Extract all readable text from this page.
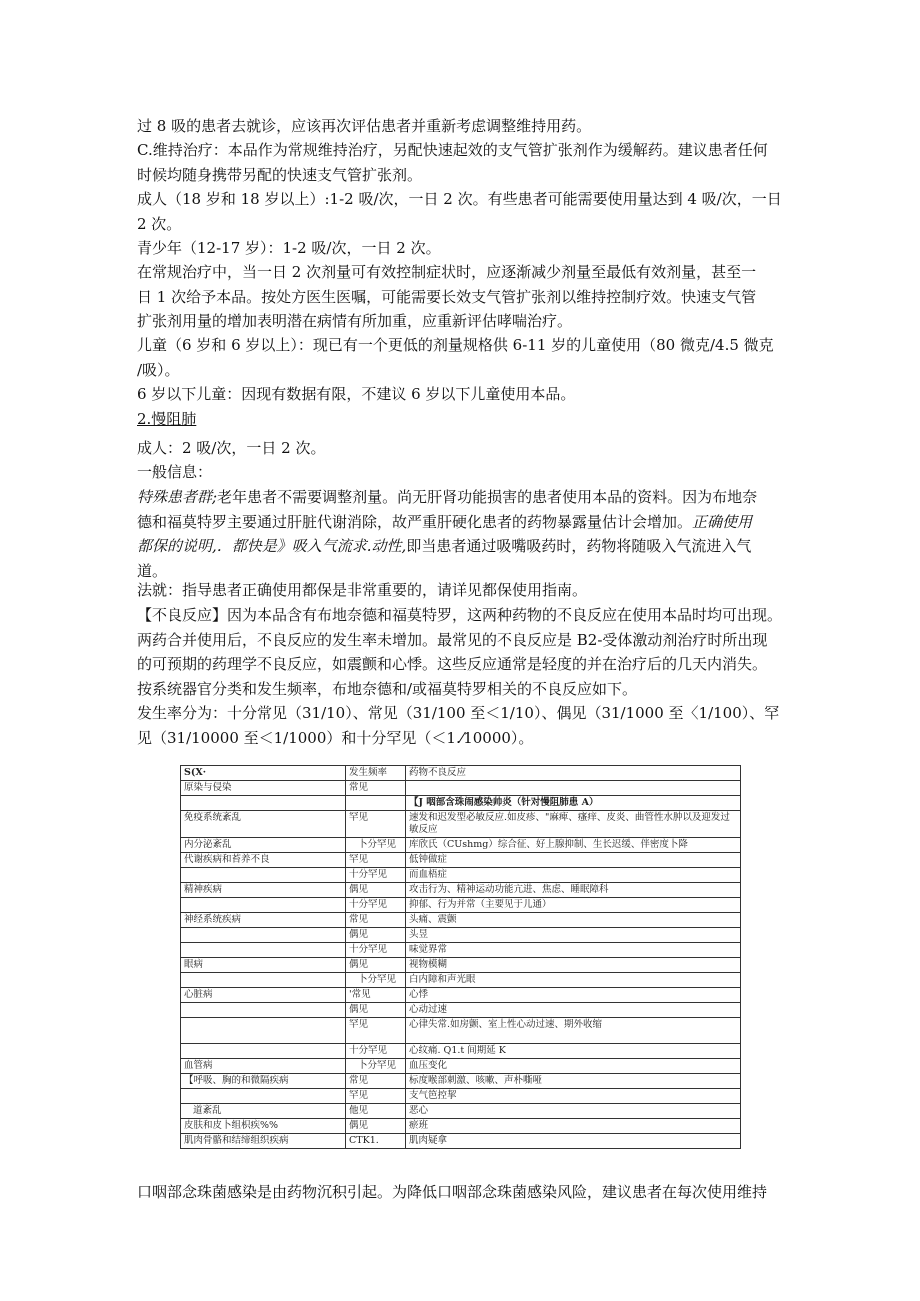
过 8 吸的患者去就诊，应该再次评估患者并重新考虑调整维持用药。

C.维持治疗：本品作为常规维持治疗，另配快速起效的支气管扩张剂作为缓解药。建议患者任何
时候均随身携带另配的快速支气管扩张剂。

成人（18 岁和 18 岁以上）:1-2 吸/次，一日 2 次。有些患者可能需要使用量达到 4 吸/次，一日
2 次。

青少年（12-17 岁）：1-2 吸/次，一日 2 次。

在常规治疗中，当一日 2 次剂量可有效控制症状时，应逐渐减少剂量至最低有效剂量，甚至一
日 1 次给予本品。按处方医生医嘱，可能需要长效支气管扩张剂以维持控制疗效。快速支气管
扩张剂用量的增加表明潜在病情有所加重，应重新评估哮喘治疗。

儿童（6 岁和 6 岁以上）：现已有一个更低的剂量规格供 6-11 岁的儿童使用（80 微克/4.5 微克
/吸）。

6 岁以下儿童：因现有数据有限，不建议 6 岁以下儿童使用本品。

2.慢阻肺

成人：2 吸/次，一日 2 次。

一般信息：

特殊患者群;老年患者不需要调整剂量。尚无肝肾功能损害的患者使用本品的资料。因为布地奈
德和福莫特罗主要通过肝脏代谢消除，故严重肝硬化患者的药物暴露量估计会增加。正确使用
都保的说明,．都快是》吸入气流求.动性,即当患者通过吸嘴吸药时，药物将随吸入气流进入气
道。

法就：指导患者正确使用都保是非常重要的，请详见都保使用指南。

【不良反应】因为本品含有布地奈德和福莫特罗，这两种药物的不良反应在使用本品时均可出现。
两药合并使用后，不良反应的发生率未增加。最常见的不良反应是 B2-受体激动剂治疗时所出现
的可预期的药理学不良反应，如震颤和心悸。这些反应通常是轻度的并在治疗后的几天内消失。
按系统器官分类和发生频率，布地奈德和/或福莫特罗相关的不良反应如下。

发生率分为：十分常见（31/10）、常见（31/100 至＜1/10）、偶见（31/1000 至〈1/100）、罕
见（31/10000 至＜1/1000）和十分罕见（＜1.⁄10000）。

S(X·	发生频率	药物不良反应
原染与侵染	常见	
		【J 咽部含珠闹感染帅炎（针对慢阻肺患 A）
免疫系统紊乱	罕见	速发和迟发型必敏反应.如皮疹、"麻痺、瘙痒、皮炎、曲管性水肿以及迎发过敏反应
内分泌紊乱	卜分罕见	库欣氏（CUshmg）综合征、好上腺抑制、生长迟缓、伴密度卜降
代谢疾病和苔养不良	罕见	低钟做症
	十分罕见	而血梧症
精神疾病	偶见	攻击行为、精神运动功能亢进、焦虑、睡眠障科
	十分罕见	抑郁、行为并常（主要见于儿通）
神经系统疾病	常见	头痛、震颤
	偶见	头昱
	十分罕见	味觉界常
眼病	偶见	视物模糊
	卜分罕见	白内障和声光眼
心脏病	'常见	心悸
	偶见	心动过速
	罕见	心律失常.如房颤、室上性心动过速、期外收缩
	十分罕见	心纹痛. Q1.t 间期延 K
血管病	卜分罕见	血压变化
【呼吸、胸的和微隔疾病	常见	标度喉部刺激、咳嗽、声朴嘶哑
	罕见	支气笆控挈
道紊乱	他见	恶心
皮肤和皮卜组枳疾%%	偶见	瘀班
肌肉骨骼和结缔组织疾病	CTK1.	肌肉疑拿

口咽部念珠菌感染是由药物沉积引起。为降低口咽部念珠菌感染风险，建议患者在每次使用维持
